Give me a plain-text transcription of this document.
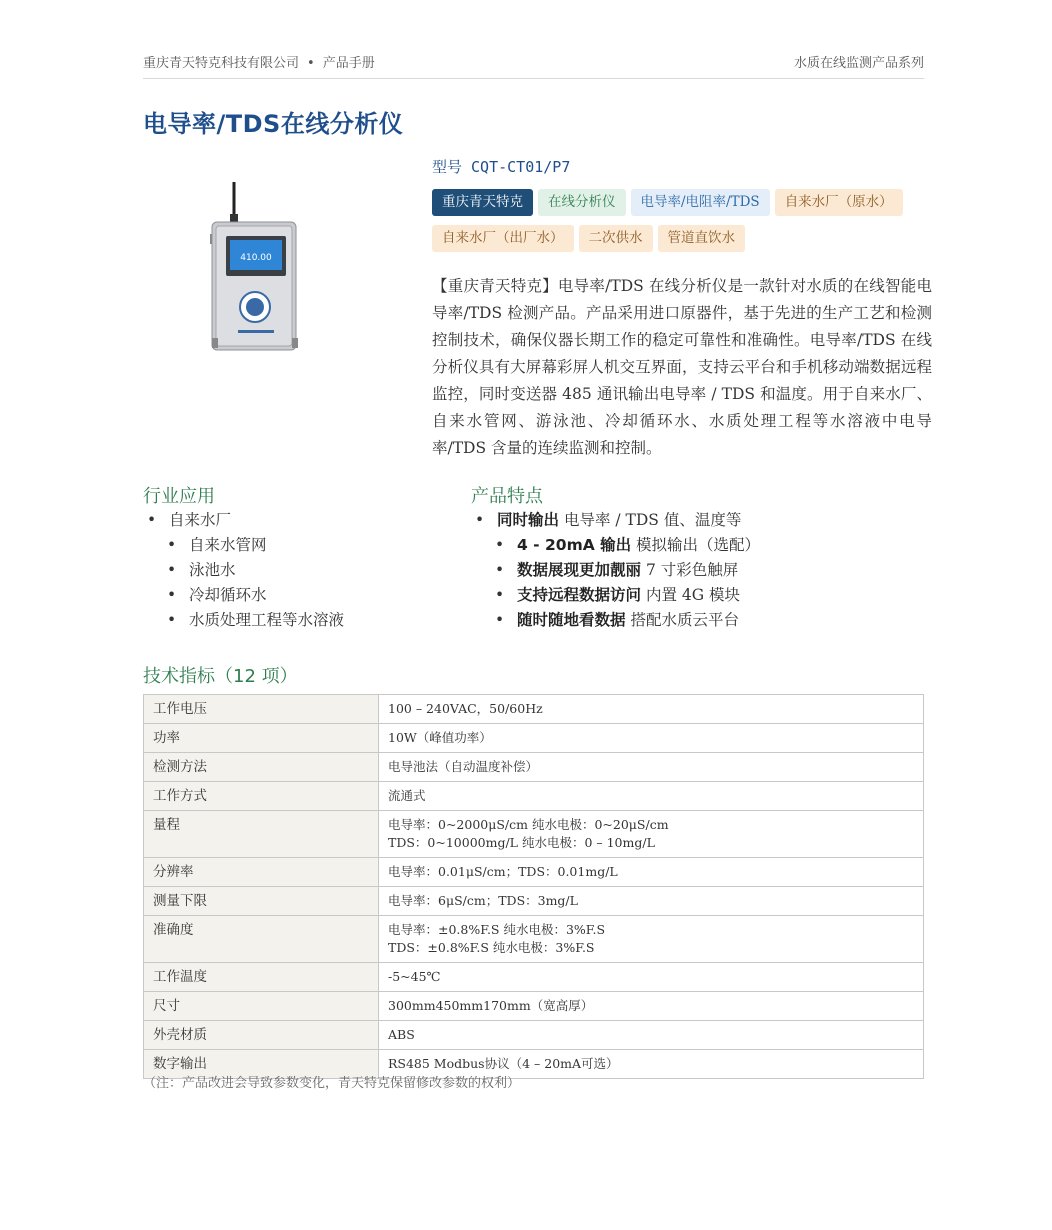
重庆青天特克科技有限公司 • 产品手册	水质在线监测产品系列
电导率/TDS在线分析仪
410.00
型号 CQT-CT01/P7
重庆青天特克 在线分析仪 电导率/电阻率/TDS 自来水厂（原水）自来水厂（出厂水） 二次供水 管道直饮水
【重庆青天特克】电导率/TDS 在线分析仪是一款针对水质的在线智能电导率/TDS 检测产品。产品采用进口原器件，基于先进的生产工艺和检测控制技术，确保仪器长期工作的稳定可靠性和准确性。电导率/TDS 在线分析仪具有大屏幕彩屏人机交互界面，支持云平台和手机移动端数据远程监控，同时变送器 485 通讯输出电导率 / TDS 和温度。用于自来水厂、自来水管网、游泳池、冷却循环水、水质处理工程等水溶液中电导率/TDS 含量的连续监测和控制。
行业应用
• 自来水厂
• 自来水管网
• 泳池水
• 冷却循环水
• 水质处理工程等水溶液
产品特点
• 同时输出 电导率 / TDS 值、温度等
• 4 - 20mA 输出 模拟输出（选配）
• 数据展现更加靓丽 7 寸彩色触屏
• 支持远程数据访问 内置 4G 模块
• 随时随地看数据 搭配水质云平台
技术指标（12 项）
工作电压	100 – 240VAC，50/60Hz

功率	10W（峰值功率）

检测方法	电导池法（自动温度补偿）

工作方式	流通式

量程	电导率：0~2000μS/cm 纯水电极：0~20μS/cm
TDS：0~10000mg/L 纯水电极：0 – 10mg/L

分辨率	电导率：0.01μS/cm；TDS：0.01mg/L

测量下限	电导率：6μS/cm；TDS：3mg/L

准确度	电导率：±0.8%F.S 纯水电极：3%F.S
TDS：±0.8%F.S 纯水电极：3%F.S

工作温度	-5~45℃

尺寸	300mm450mm170mm（宽高厚）

外壳材质	ABS

数字输出	RS485 Modbus协议（4 – 20mA可选）
（注：产品改进会导致参数变化，青天特克保留修改参数的权利）
